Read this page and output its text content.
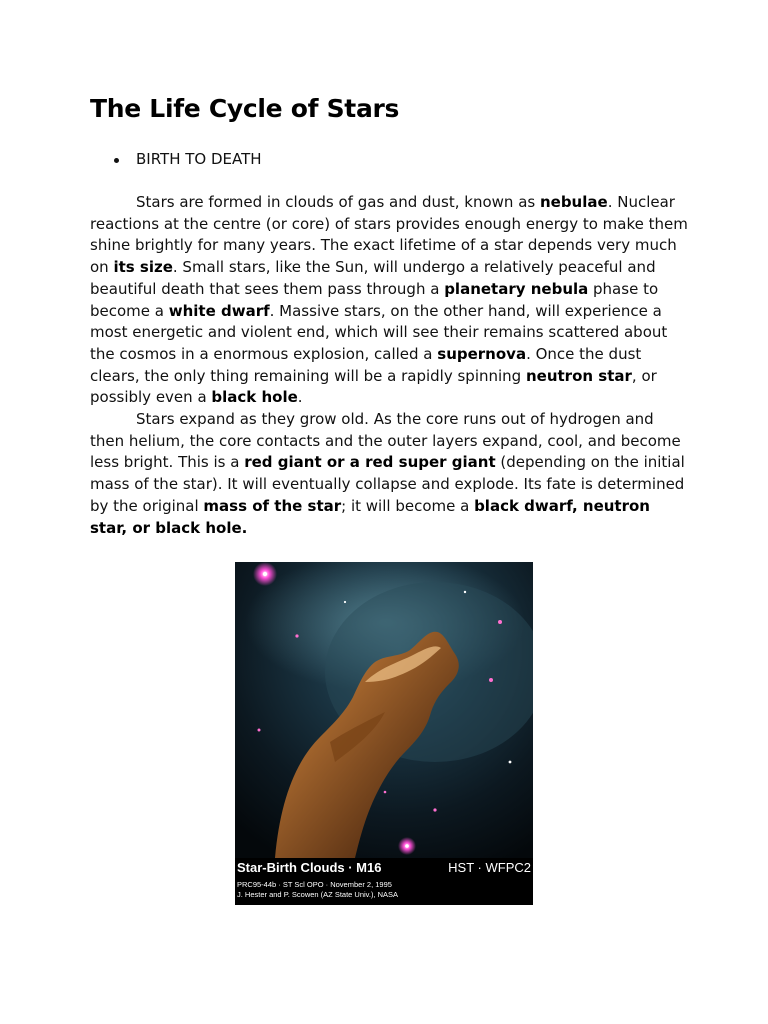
The Life Cycle of Stars
BIRTH TO DEATH

Stars are formed in clouds of gas and dust, known as nebulae. Nuclear reactions at the centre (or core) of stars provides enough energy to make them shine brightly for many years. The exact lifetime of a star depends very much on its size. Small stars, like the Sun, will undergo a relatively peaceful and beautiful death that sees them pass through a planetary nebula phase to become a white dwarf. Massive stars, on the other hand, will experience a most energetic and violent end, which will see their remains scattered about the cosmos in a enormous explosion, called a supernova. Once the dust clears, the only thing remaining will be a rapidly spinning neutron star, or possibly even a black hole.

Stars expand as they grow old. As the core runs out of hydrogen and then helium, the core contacts and the outer layers expand, cool, and become less bright. This is a red giant or a red super giant (depending on the initial mass of the star). It will eventually collapse and explode. Its fate is determined by the original mass of the star; it will become a black dwarf, neutron star, or black hole.

Star-Birth Clouds · M16	HST · WFPC2
PRC95-44b · ST Scl OPO · November 2, 1995
J. Hester and P. Scowen (AZ State Univ.), NASA
